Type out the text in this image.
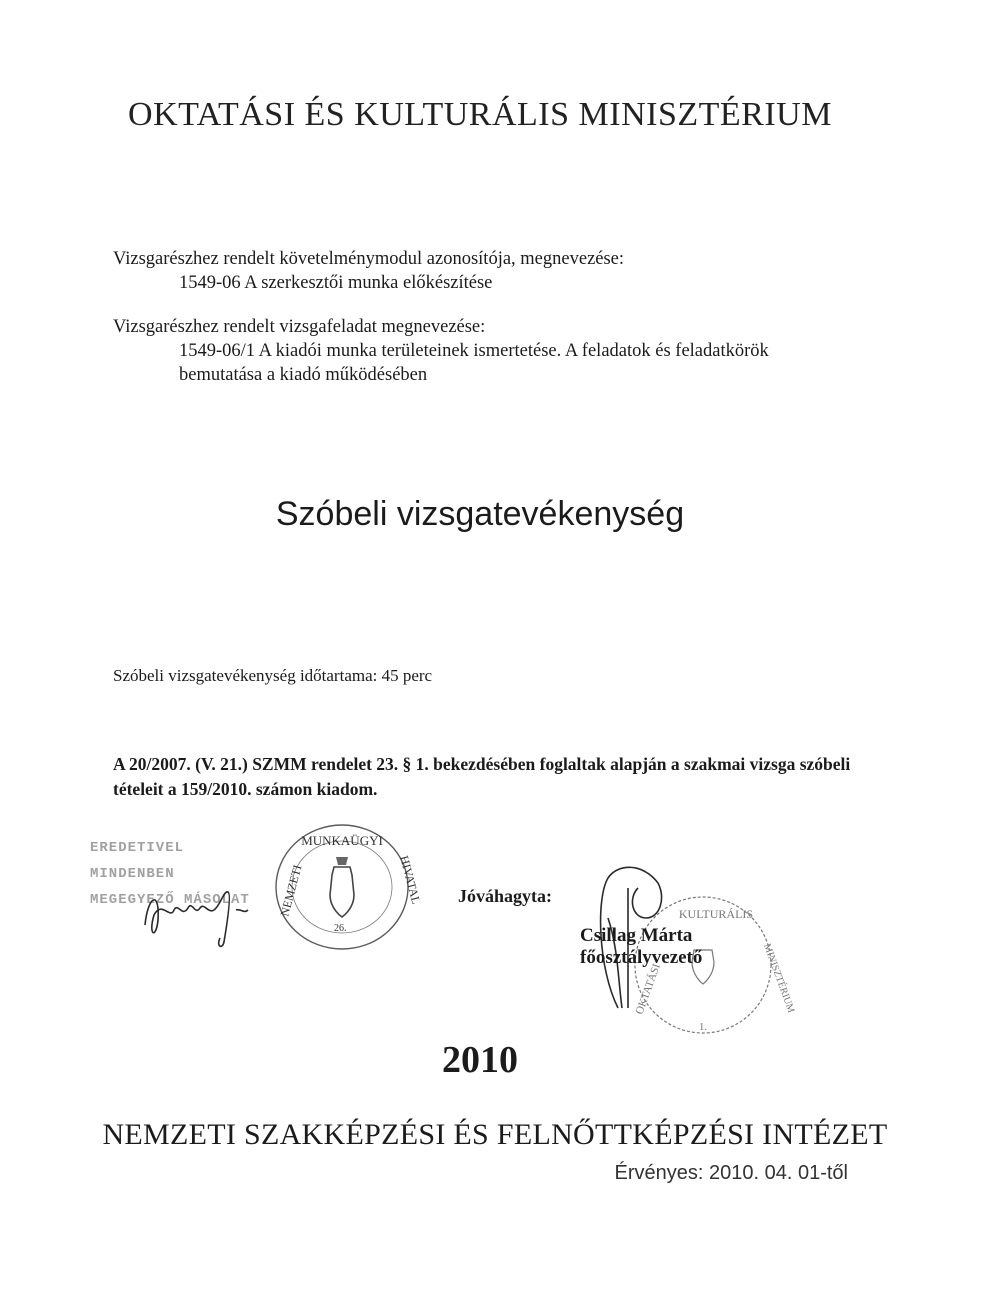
OKTATÁSI ÉS KULTURÁLIS MINISZTÉRIUM
Vizsgarészhez rendelt követelménymodul azonosítója, megnevezése:
1549-06 A szerkesztői munka előkészítése
Vizsgarészhez rendelt vizsgafeladat megnevezése:
1549-06/1 A kiadói munka területeinek ismertetése. A feladatok és feladatkörök
bemutatása a kiadó működésében
Szóbeli vizsgatevékenység
Szóbeli vizsgatevékenység időtartama: 45 perc
A 20/2007. (V. 21.) SZMM rendelet 23. § 1. bekezdésében foglaltak alapján a szakmai vizsga szóbeli tételeit a 159/2010. számon kiadom.
EREDETIVEL MINDENBEN
MEGEGYEZŐ MÁSOLAT
MUNKAÜGYI
NEMZETI	HIVATAL
26.
Jóváhagyta:
KULTURÁLIS
OKTATÁSI	MINISZTÉRIUM
1.
Csillag Márta
főosztályvezető
2010
NEMZETI SZAKKÉPZÉSI ÉS FELNŐTTKÉPZÉSI INTÉZET
Érvényes: 2010. 04. 01-től
